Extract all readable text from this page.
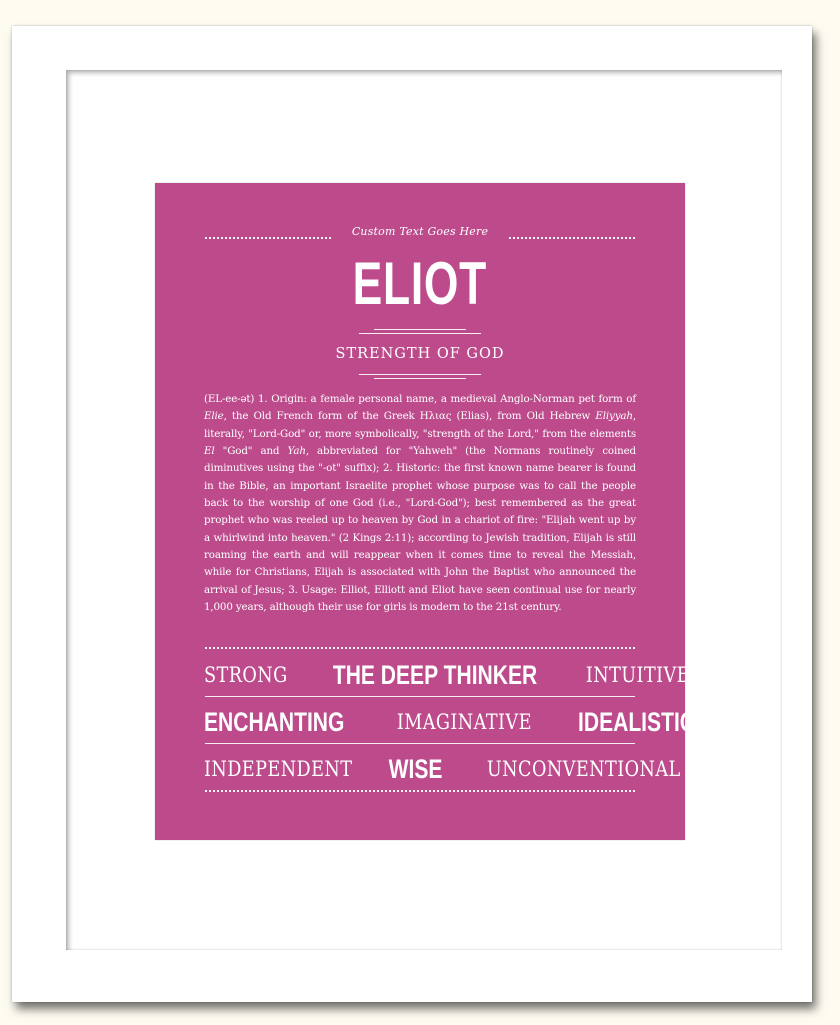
Custom Text Goes Here
ELIOT
STRENGTH OF GOD
(EL-ee-ət) 1. Origin: a female personal name, a medieval Anglo-Norman pet form of Elie, the Old French form of the Greek Ηλιας (Elias), from Old Hebrew Eliyyah, literally, "Lord-God" or, more symbolically, "strength of the Lord," from the elements El "God" and Yah, abbreviated for "Yahweh" (the Normans routinely coined diminutives using the "-ot" suffix); 2. Historic: the first known name bearer is found in the Bible, an important Israelite prophet whose purpose was to call the people back to the worship of one God (i.e., "Lord-God"); best remembered as the great prophet who was reeled up to heaven by God in a chariot of fire: "Elijah went up by a whirlwind into heaven." (2 Kings 2:11); according to Jewish tradition, Elijah is still roaming the earth and will reappear when it comes time to reveal the Messiah, while for Christians, Elijah is associated with John the Baptist who announced the arrival of Jesus; 3. Usage: Elliot, Elliott and Eliot have seen continual use for nearly 1,000 years, although their use for girls is modern to the 21st century.
STRONG THE DEEP THINKER INTUITIVE
ENCHANTING IMAGINATIVE IDEALISTIC
INDEPENDENT WISE UNCONVENTIONAL
